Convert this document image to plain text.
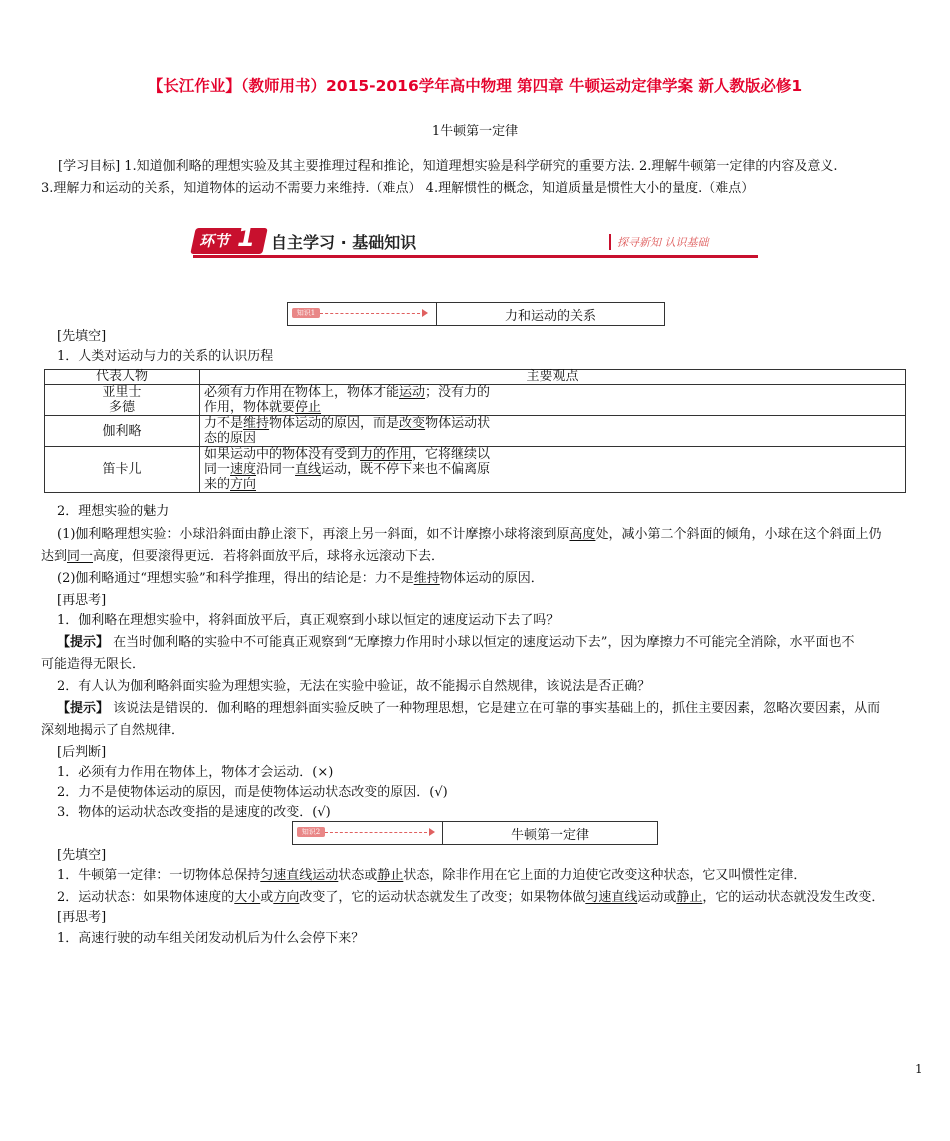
【长江作业】（教师用书）2015-2016学年高中物理 第四章 牛顿运动定律学案 新人教版必修1
1牛顿第一定律
[学习目标] 1.知道伽利略的理想实验及其主要推理过程和推论，知道理想实验是科学研究的重要方法. 2.理解牛顿第一定律的内容及意义.
3.理解力和运动的关系，知道物体的运动不需要力来维持.（难点） 4.理解惯性的概念，知道质量是惯性大小的量度.（难点）
环节 1 自主学习 · 基础知识	探寻新知 认识基础
知识1	力和运动的关系
[先填空]
1．人类对运动与力的关系的认识历程
代表人物	主要观点

亚里士
多德	必须有力作用在物体上，物体才能运动；没有力的作用，物体就要停止

伽利略	力不是维持物体运动的原因，而是改变物体运动状态的原因

笛卡儿	如果运动中的物体没有受到力的作用，它将继续以同一速度沿同一直线运动，既不停下来也不偏离原来的方向
2．理想实验的魅力
(1)伽利略理想实验：小球沿斜面由静止滚下，再滚上另一斜面，如不计摩擦小球将滚到原高度处，减小第二个斜面的倾角，小球在这个斜面上仍
达到同一高度，但要滚得更远．若将斜面放平后，球将永远滚动下去．
(2)伽利略通过“理想实验”和科学推理，得出的结论是：力不是维持物体运动的原因．
[再思考]
1．伽利略在理想实验中，将斜面放平后，真正观察到小球以恒定的速度运动下去了吗？
【提示】 在当时伽利略的实验中不可能真正观察到“无摩擦力作用时小球以恒定的速度运动下去”，因为摩擦力不可能完全消除，水平面也不
可能造得无限长．
2．有人认为伽利略斜面实验为理想实验，无法在实验中验证，故不能揭示自然规律，该说法是否正确？
【提示】 该说法是错误的．伽利略的理想斜面实验反映了一种物理思想，它是建立在可靠的事实基础上的，抓住主要因素，忽略次要因素，从而
深刻地揭示了自然规律．
[后判断]
1．必须有力作用在物体上，物体才会运动．(×)
2．力不是使物体运动的原因，而是使物体运动状态改变的原因．(√)
3．物体的运动状态改变指的是速度的改变．(√)
知识2	牛顿第一定律
[先填空]
1．牛顿第一定律：一切物体总保持匀速直线运动状态或静止状态，除非作用在它上面的力迫使它改变这种状态，它又叫惯性定律．
2．运动状态：如果物体速度的大小或方向改变了，它的运动状态就发生了改变；如果物体做匀速直线运动或静止，它的运动状态就没发生改变．
[再思考]
1．高速行驶的动车组关闭发动机后为什么会停下来？
1
